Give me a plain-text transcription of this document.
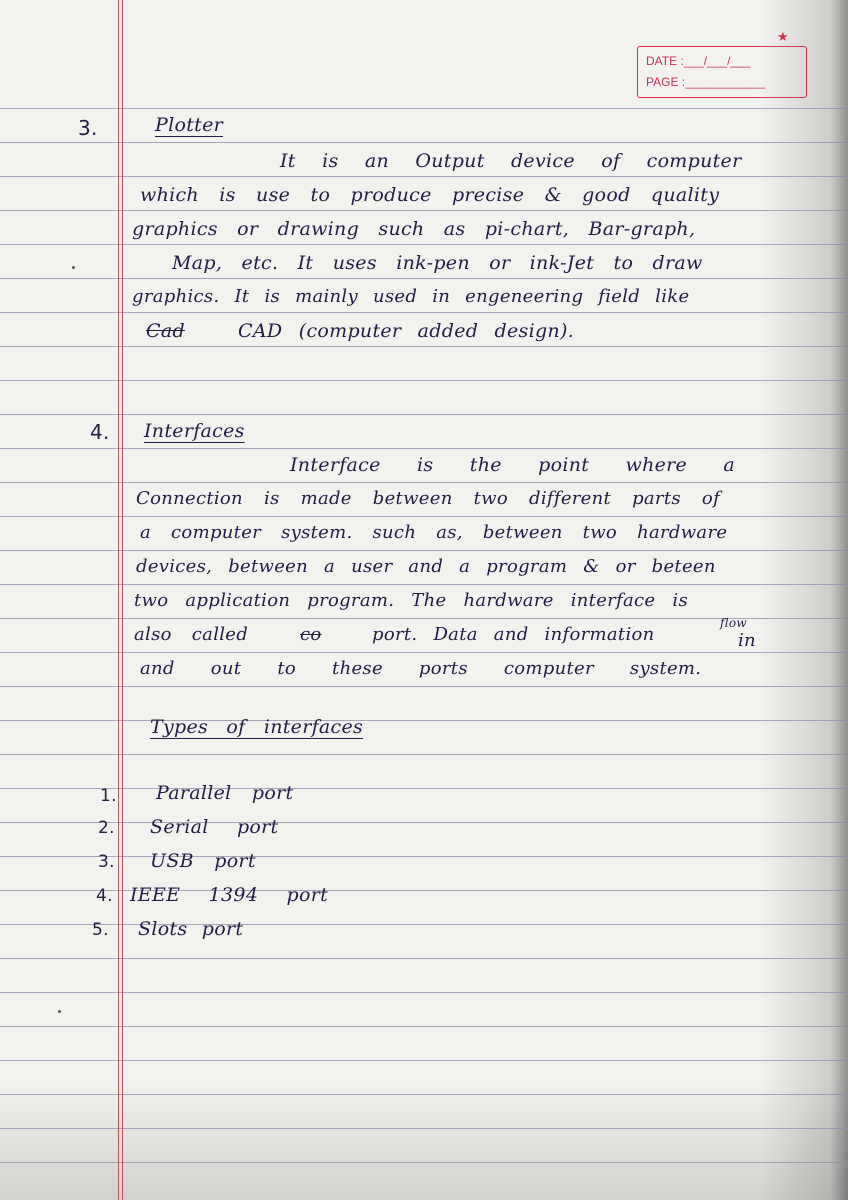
DATE :___/___/___
PAGE :____________
★
3.	Plotter
It is an Output device of computer
which is use to produce precise & good quality
graphics or drawing such as pi-chart, Bar-graph,
Map, etc. It uses ink-pen or ink-Jet to draw
graphics. It is mainly used in engeneering field like
Cad	CAD (computer added design).
4. Interfaces
Interface is the point where a
Connection is made between two different parts of
a computer system. such as, between two hardware
devices, between a user and a program & or beteen
two application program. The hardware interface is
also called	co	port. Data and information
flow
in
and out to these ports computer system.
Types of interfaces
1. Parallel port
2. Serial port
3. USB port
4. IEEE 1394 port
5. Slots port
